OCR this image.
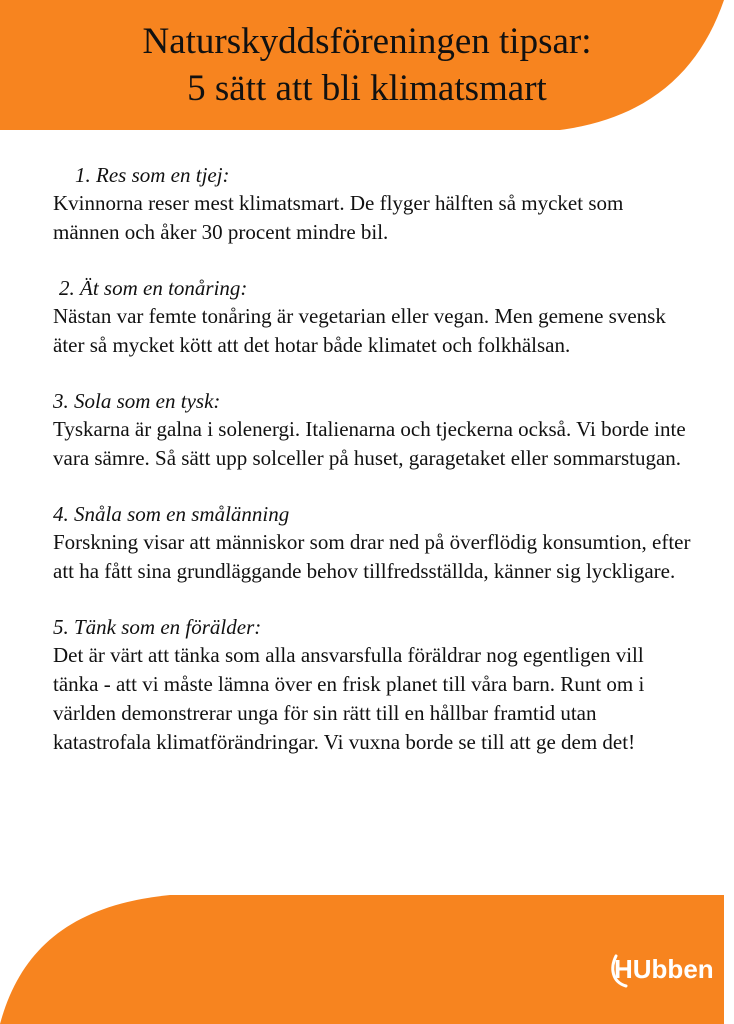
Naturskyddsföreningen tipsar:
5 sätt att bli klimatsmart

1. Res som en tjej:

Kvinnorna reser mest klimatsmart. De flyger hälften så mycket som männen och åker 30 procent mindre bil.

2. Ät som en tonåring:

Nästan var femte tonåring är vegetarian eller vegan. Men gemene svensk äter så mycket kött att det hotar både klimatet och folkhälsan.

3. Sola som en tysk:

Tyskarna är galna i solenergi. Italienarna och tjeckerna också. Vi borde inte vara sämre. Så sätt upp solceller på huset, garagetaket eller sommarstugan.

4. Snåla som en smålänning

Forskning visar att människor som drar ned på överflödig konsumtion, efter att ha fått sina grundläggande behov tillfredsställda, känner sig lyckligare.

5. Tänk som en förälder:

Det är värt att tänka som alla ansvarsfulla föräldrar nog egentligen vill tänka - att vi måste lämna över en frisk planet till våra barn. Runt om i världen demonstrerar unga för sin rätt till en hållbar framtid utan katastrofala klimatförändringar. Vi vuxna borde se till att ge dem det!

HUbben
